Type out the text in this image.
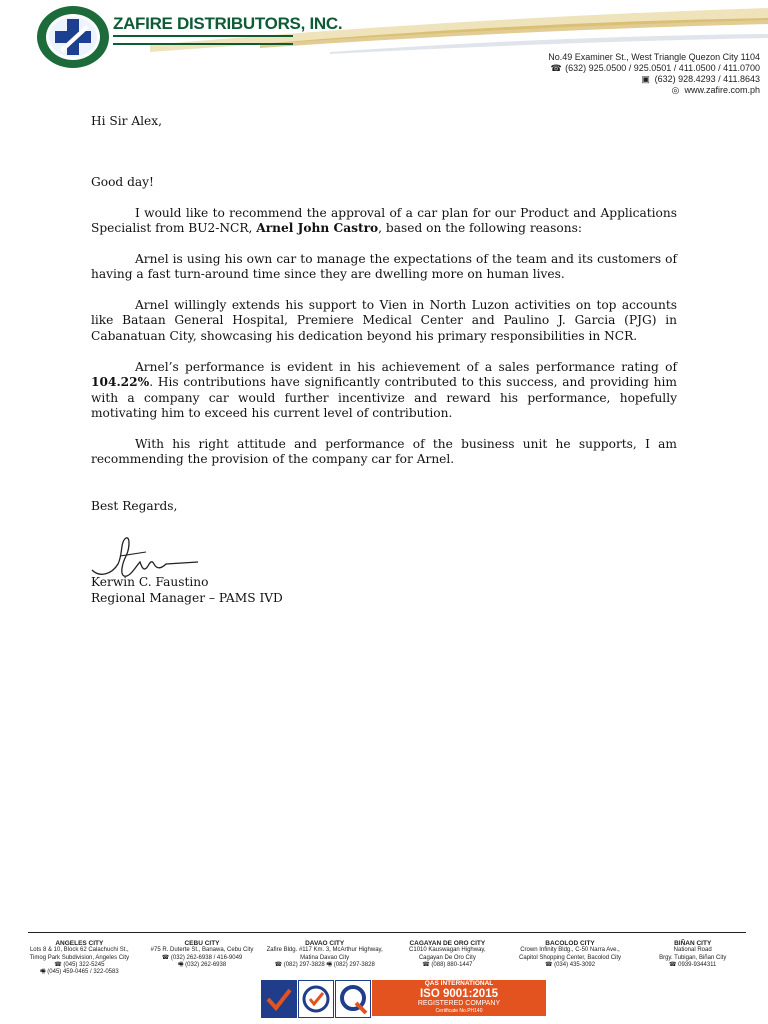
ZAFIRE DISTRIBUTORS, INC.
No.49 Examiner St., West Triangle Quezon City 1104
☎ (632) 925.0500 / 925.0501 / 411.0500 / 411.0700
▣ (632) 928.4293 / 411.8643
◎ www.zafire.com.ph
Hi Sir Alex,
Good day!
I would like to recommend the approval of a car plan for our Product and Applications Specialist from BU2-NCR, Arnel John Castro, based on the following reasons:
Arnel is using his own car to manage the expectations of the team and its customers of having a fast turn-around time since they are dwelling more on human lives.
Arnel willingly extends his support to Vien in North Luzon activities on top accounts like Bataan General Hospital, Premiere Medical Center and Paulino J. Garcia (PJG) in Cabanatuan City, showcasing his dedication beyond his primary responsibilities in NCR.
Arnel’s performance is evident in his achievement of a sales performance rating of 104.22%. His contributions have significantly contributed to this success, and providing him with a company car would further incentivize and reward his performance, hopefully motivating him to exceed his current level of contribution.
With his right attitude and performance of the business unit he supports, I am recommending the provision of the company car for Arnel.
Best Regards,
Kerwin C. Faustino
Regional Manager – PAMS IVD
ANGELES CITY
Lots 8 & 10, Block 62 Calachuchi St.,
Timog Park Subdivision, Angeles City
☎ (045) 322-5245
🖷 (045) 459-0465 / 322-0583
CEBU CITY
#75 R. Duterte St., Banawa, Cebu City
☎ (032) 262-6938 / 416-9049
🖷 (032) 262-6938
DAVAO CITY
Zafire Bldg. #117 Km. 3, McArthur Highway,
Matina Davao City
☎ (082) 297-3828 🖷 (082) 297-3828
CAGAYAN DE ORO CITY
C1010 Kauswagan Highway,
Cagayan De Oro City
☎ (088) 880-1447
BACOLOD CITY
Crown Infinity Bldg., C-50 Narra Ave.,
Capitol Shopping Center, Bacolod City
☎ (034) 435-3092
BIÑAN CITY
National Road
Brgy. Tubigan, Biñan City
☎ 0939-9344311
QAS INTERNATIONAL
ISO 9001:2015
REGISTERED COMPANY
Certificate No.PH140
